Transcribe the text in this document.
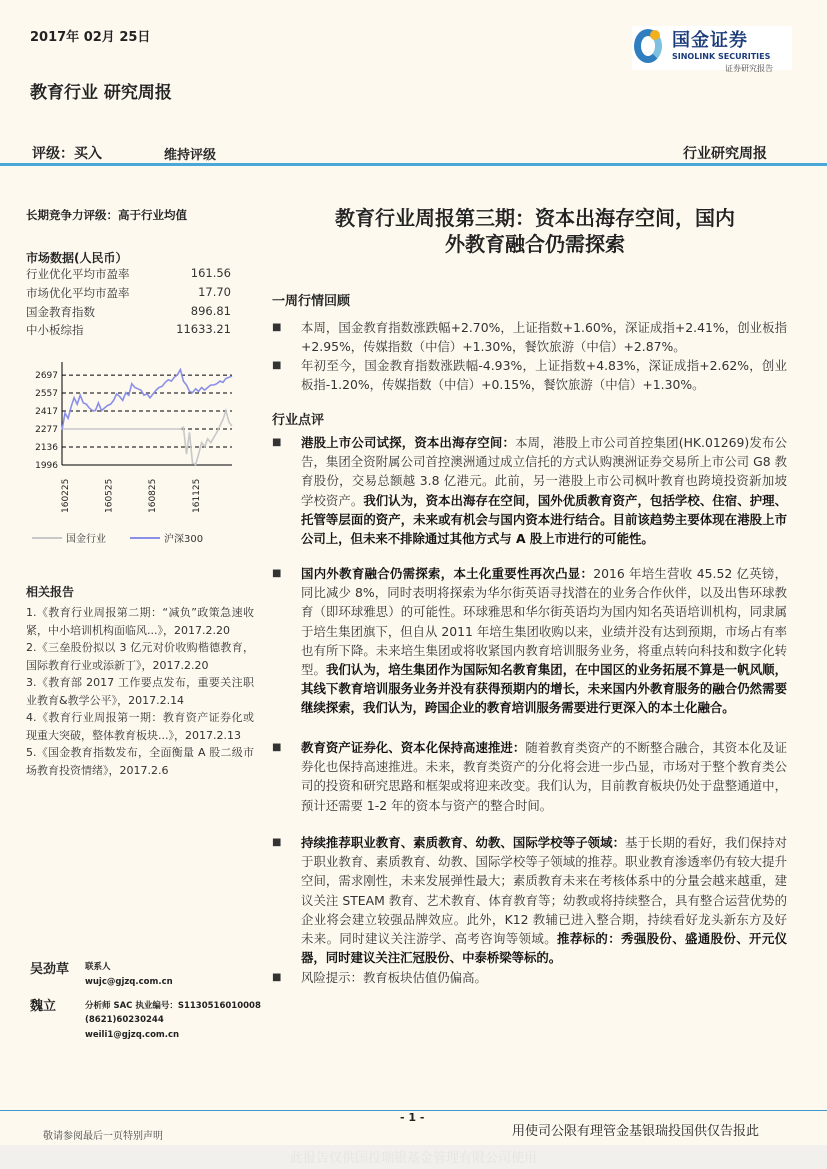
2017年 02月 25日	国金证券
SINOLINK SECURITIES
证券研究报告
教育行业 研究周报
评级：买入	维持评级	行业研究周报
长期竞争力评级：高于行业均值
市场数据(人民币）
行业优化平均市盈率	161.56
市场优化平均市盈率	17.70
国金教育指数	896.81
中小板综指	11633.21
1996
2136
2277
2417
2557
2697
160225	160525	160825	161125
国金行业	沪深300
相关报告
1.《教育行业周报第二期：“减负”政策急速收紧，中小培训机构面临风...》，2017.2.20
2.《三垒股份拟以 3 亿元对价收购楷德教育，国际教育行业或添新丁》，2017.2.20
3.《教育部 2017 工作要点发布，重要关注职业教育&教学公平》，2017.2.14
4.《教育行业周报第一期：教育资产证券化或现重大突破，整体教育板块...》，2017.2.13
5.《国金教育指数发布，全面衡量 A 股二级市场教育投资情绪》，2017.2.6
吴劲草 联系人
wujc@gjzq.com.cn
魏立	分析师 SAC 执业编号：S1130516010008
(8621)60230244
weili1@gjzq.com.cn
教育行业周报第三期：资本出海存空间，国内
外教育融合仍需探索
一周行情回顾
■ 本周，国金教育指数涨跌幅+2.70%，上证指数+1.60%，深证成指+2.41%，创业板指+2.95%，传媒指数（中信）+1.30%，餐饮旅游（中信）+2.87%。
■ 年初至今，国金教育指数涨跌幅-4.93%，上证指数+4.83%，深证成指+2.62%，创业板指-1.20%，传媒指数（中信）+0.15%，餐饮旅游（中信）+1.30%。
行业点评
■ 港股上市公司试探，资本出海存空间：本周，港股上市公司首控集团(HK.01269)发布公告，集团全资附属公司首控澳洲通过成立信托的方式认购澳洲证券交易所上市公司 G8 教育股份，交易总额越 3.8 亿港元。此前，另一港股上市公司枫叶教育也跨境投资新加坡学校资产。我们认为，资本出海存在空间，国外优质教育资产，包括学校、住宿、护理、托管等层面的资产，未来或有机会与国内资本进行结合。目前该趋势主要体现在港股上市公司上，但未来不排除通过其他方式与 A 股上市进行的可能性。
■ 国内外教育融合仍需探索，本土化重要性再次凸显：2016 年培生营收 45.52 亿英镑，同比减少 8%，同时表明将探索为华尔街英语寻找潜在的业务合作伙伴，以及出售环球教育（即环球雅思）的可能性。环球雅思和华尔街英语均为国内知名英语培训机构，同隶属于培生集团旗下，但自从 2011 年培生集团收购以来，业绩并没有达到预期，市场占有率也有所下降。未来培生集团或将收紧国内教育培训服务业务，将重点转向科技和数字化转型。我们认为，培生集团作为国际知名教育集团，在中国区的业务拓展不算是一帆风顺，其线下教育培训服务业务并没有获得预期内的增长，未来国内外教育服务的融合仍然需要继续探索，我们认为，跨国企业的教育培训服务需要进行更深入的本土化融合。
■ 教育资产证券化、资本化保持高速推进：随着教育类资产的不断整合融合，其资本化及证券化也保持高速推进。未来，教育类资产的分化将会进一步凸显，市场对于整个教育类公司的投资和研究思路和框架或将迎来改变。我们认为，目前教育板块仍处于盘整通道中，预计还需要 1-2 年的资本与资产的整合时间。
■ 持续推荐职业教育、素质教育、幼教、国际学校等子领域：基于长期的看好，我们保持对于职业教育、素质教育、幼教、国际学校等子领域的推荐。职业教育渗透率仍有较大提升空间，需求刚性，未来发展弹性最大；素质教育未来在考核体系中的分量会越来越重，建议关注 STEAM 教育、艺术教育、体育教育等；幼教或将持续整合，具有整合运营优势的企业将会建立较强品牌效应。此外，K12 教辅已进入整合期，持续看好龙头新东方及好未来。同时建议关注游学、高考咨询等领域。推荐标的：秀强股份、盛通股份、开元仪器，同时建议关注汇冠股份、中泰桥梁等标的。
■ 风险提示：教育板块估值仍偏高。
- 1 -
敬请参阅最后一页特别声明	用使司公限有理管金基银瑞投国供仅告报此
此报告仅供国投瑞银基金管理有限公司使用
